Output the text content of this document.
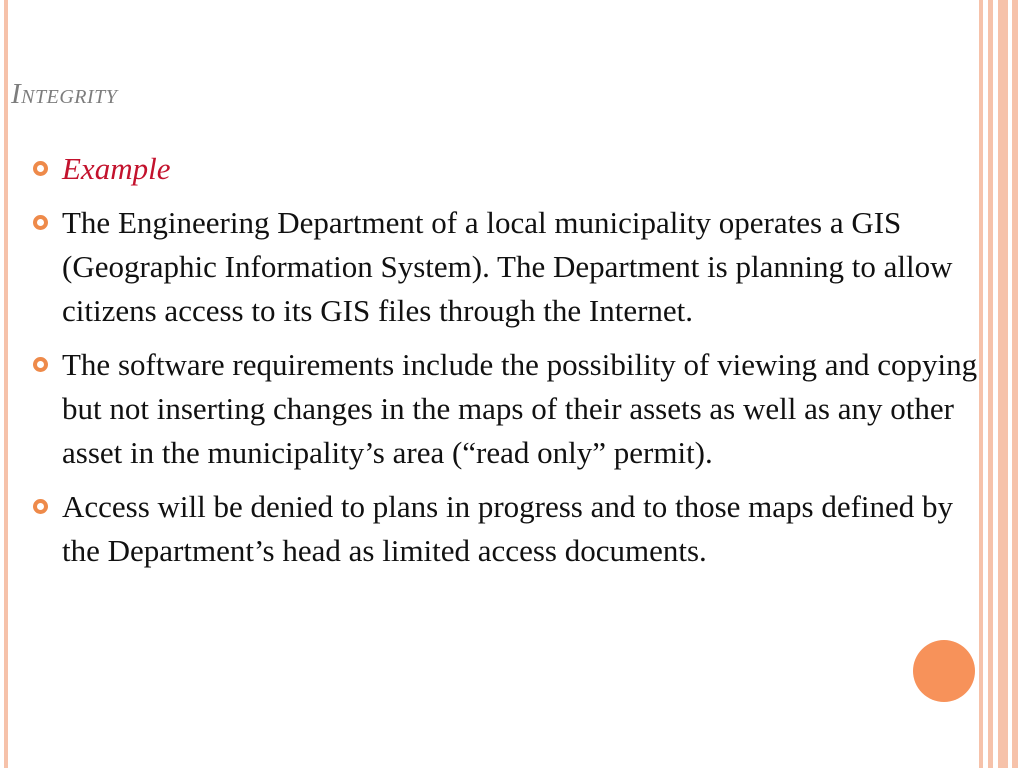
Integrity
Example
The Engineering Department of a local municipality operates a GIS (Geographic Information System). The Department is planning to allow citizens access to its GIS files through the Internet.
The software requirements include the possibility of viewing and copying but not inserting changes in the maps of their assets as well as any other asset in the municipality’s area (“read only” permit).
Access will be denied to plans in progress and to those maps defined by the Department’s head as limited access documents.
